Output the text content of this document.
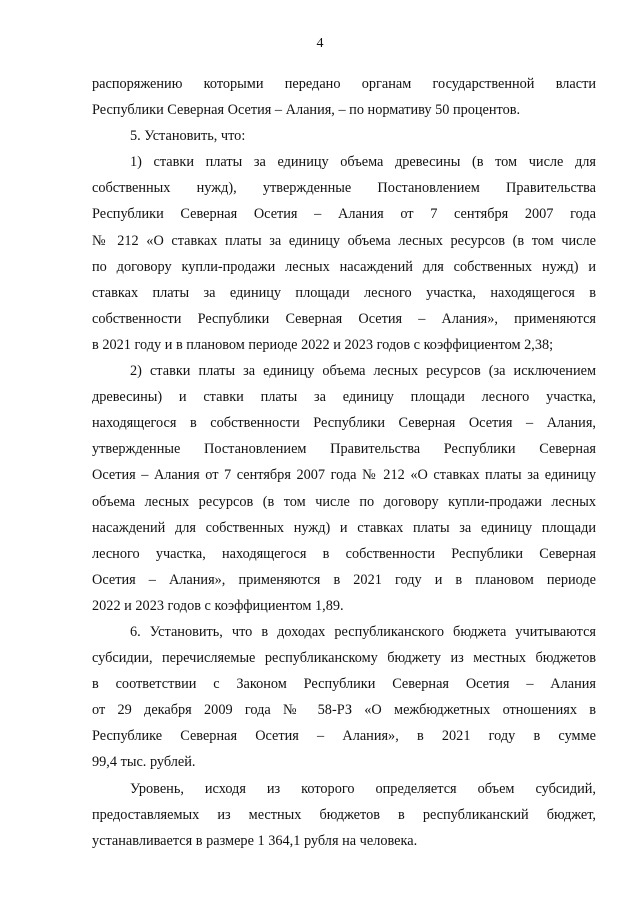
4
распоряжению которыми передано органам государственной власти
Республики Северная Осетия – Алания, – по нормативу 50 процентов.
5. Установить, что:
1) ставки платы за единицу объема древесины (в том числе для
собственных нужд), утвержденные Постановлением Правительства
Республики Северная Осетия – Алания от 7 сентября 2007 года
№ 212 «О ставках платы за единицу объема лесных ресурсов (в том числе
по договору купли-продажи лесных насаждений для собственных нужд) и
ставках платы за единицу площади лесного участка, находящегося в
собственности Республики Северная Осетия – Алания», применяются
в 2021 году и в плановом периоде 2022 и 2023 годов с коэффициентом 2,38;
2) ставки платы за единицу объема лесных ресурсов (за исключением
древесины) и ставки платы за единицу площади лесного участка,
находящегося в собственности Республики Северная Осетия – Алания,
утвержденные Постановлением Правительства Республики Северная
Осетия – Алания от 7 сентября 2007 года № 212 «О ставках платы за единицу
объема лесных ресурсов (в том числе по договору купли-продажи лесных
насаждений для собственных нужд) и ставках платы за единицу площади
лесного участка, находящегося в собственности Республики Северная
Осетия – Алания», применяются в 2021 году и в плановом периоде
2022 и 2023 годов с коэффициентом 1,89.
6. Установить, что в доходах республиканского бюджета учитываются
субсидии, перечисляемые республиканскому бюджету из местных бюджетов
в соответствии с Законом Республики Северная Осетия – Алания
от 29 декабря 2009 года № 58-РЗ «О межбюджетных отношениях в
Республике Северная Осетия – Алания», в 2021 году в сумме
99,4 тыс. рублей.
Уровень, исходя из которого определяется объем субсидий,
предоставляемых из местных бюджетов в республиканский бюджет,
устанавливается в размере 1 364,1 рубля на человека.
